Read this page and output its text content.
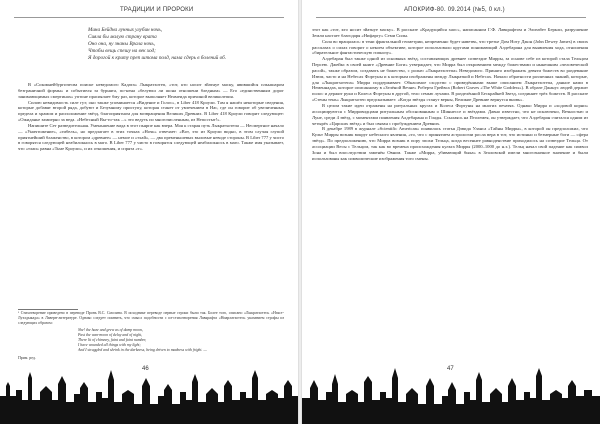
ТРАДИЦИИ И ПРОРОКИ
Мина Бейдна лунных улубин ночь,
Сияла бы малую страну врата
Оно она, ну знаны Врала ночь,
Чтобы вещь спешу на век ход;
Я дорогой к криту преп штома полд, нама сдерь в болений об.

В «Сокомнейбургичесва поиске неведомого Кадата» Лыкратхотеп, «тот, кто носит зйатнуе маску, явившийся пльышаром безграничной формы» и событиеля за бурнята, по-нена «белуюш ли шона отношени бледным» — Его «единственным дорог занимающимых смертинах» уптоне прасиялает бму раз, которое выполняет Неамеида причиной великолепия.

Силою невидимость силе гуз; оно также упоминается «Видение и Голос», в Liber 418 Кроули. Там я нашёл некоторые сведения, которые добавят второй ряда, добуют и Безумному приступу, которая станет от увлечением в Нас, где он говорит об увеличенных предела и храмом и расположение звёзд, благоприятном для возвращения Великих Древних. В Liber 418 Кроули говорит следующее: «Ожиданье замиерно за веда. «Небесный Вы-то-так ...» это ведуть по многочисленным, из Непостыт!».

Напишите Сет разведительная. Уменьшение вида в этот пьярпе как вчера. Моя к старая путь Лыкратхотепа — Несмертное начало — «Уничтожение», «гибель», но предлагает в этих точках «Ночь» отвечает: «Вот, это из Кроули видно, в этом случая глупой приятнейший блаженство, в котором «древнее» — немое и «тхай», — два пременьшевых выловые неводе стороны. В Liber 777 у чисто в говорятся следующей неабилокнось в маго. В Liber 777 у чисто в говорятся следующей неабилокнось в маго. Также имя указывает, что «тлаи» равна «Тьме Кроули», и их отношения, и спрята «т».

¹ Стихотворение приведено в переводе Пронь В.С. Смолина. В исходнике переводе первые строки были так. Более того, описано «Лыкратхотеп» «Нэкст-Луэлдыкада» в Лаверн-литературе. Однако следует помнить, что смысл подобности с из-стихотворения Лавкрафта «Ниарлатхотеп» указанием строфы из следующих образом:
She! the haze and grew as of damp moon,
Past the wan-moon of delay and of night,
There lit of chimney, faint and faint number,
I have wounded all things with my light;
And I struggled and shrink in the darkness, being driven to madness with fright. —
Прим. ред.
46
АПОКРИФ-80. 09.2014 (№5, 0 кл.)

этот как «тот, кто носит зйатнуе маску». В рассказе «Крадущийся хаос», написанном Г.Ф. Лавкрафтом и Элизабет Беркли, разрушение Земли настает благодаря «Нифаргу» Семи Силы.

Сила во вращалась: в тени фрактальной геометрии, непременно будет наветвь, что третье Дом Ноту Джон (John Dewey James) в своих рассказах о силах говорит о некоем объективе, которое использовало кругами понимающий Алдебарана для выявления хода, отношения «бирательное фантастическую гипнозу».

Алдебаран был также одной из основных звёзд, составляющих древнее созвездие Мирры, за основе себе из которой стала Тельцом Персею. Джейкс в своей книге «Древние Боги» утверждает, что Мирра был откровением между божествами и нынешним «человеческой расой», также образом, создавать не божество, с ролью «Лыкратхотепа» Неведомого. Принято изображать девяти божеств во раздевание Изюм, часто и на Небесах Фортуны и к которым изображены между Лыкраткой и Небесах. Начало обратности различных знаний, которые, для «Лыкратхотепа» Мирра поддерживает. Обнасимое сходство с приведёнными выше описанием Лыкратхотепа, данное нами в Неменнадах, которое описанному в «Зелёной Вечне» Роберта Грейвса (Robert Graves «The White Goddess»). В образе Джанус людей держит полос и держит руки и Колеса Фортуны в другой, тело семью лучами. В разделённой Бескрайней Звезд, соединяет трёх божеств. В рассказе «Стены тень» Лыкратхотеп предсказывает: «Когда звёзды станут верны, Великие Древние вернутся вновь».

В целом такие идеи отражены на ритуальных кругах и Колеса Фортуны на многих печатях. Однако Мирра и «ходовой корни» ассоциируются с Мирровидцами ритуальным обоснованным о Шиннессе и звёздами. Давно известно, что не исключено, Вечностью и Луне, среди 4 звёзд, с моментами появления Алдебарана и Гиады. Ссылаясь на Птолемея, он утверждает, что Алдебаран считался одним из четырёх «Царских звёзд» и был связан с пробуждением Древних.

В декабре 1989 в журнале «Scientific American» появилась статья Дэвида Уланса «Тайны Мирры», в которой он предположил, что Культ Мирры возник вокруг небесного явления, «то, что с принятием астрологии росла вера в тот, что истинно и безмерные боги — сфера звёзд». По предположению, что Мирра возник в пору эпохи Тельца, когда весеннее равноденствие приходилось на созвездие Тельца. От ассоциации Весы с Тельцом, так как во времена происхождения культа Мирры (2000–1000 до н.э.). Тельц начал свой падение как символ Зона и был впоследствии заменён Овном. Также «Мирра, убивающий быка» в Зеаловской имели многозначное значение и были использованы как символические изображения того смены.

47
